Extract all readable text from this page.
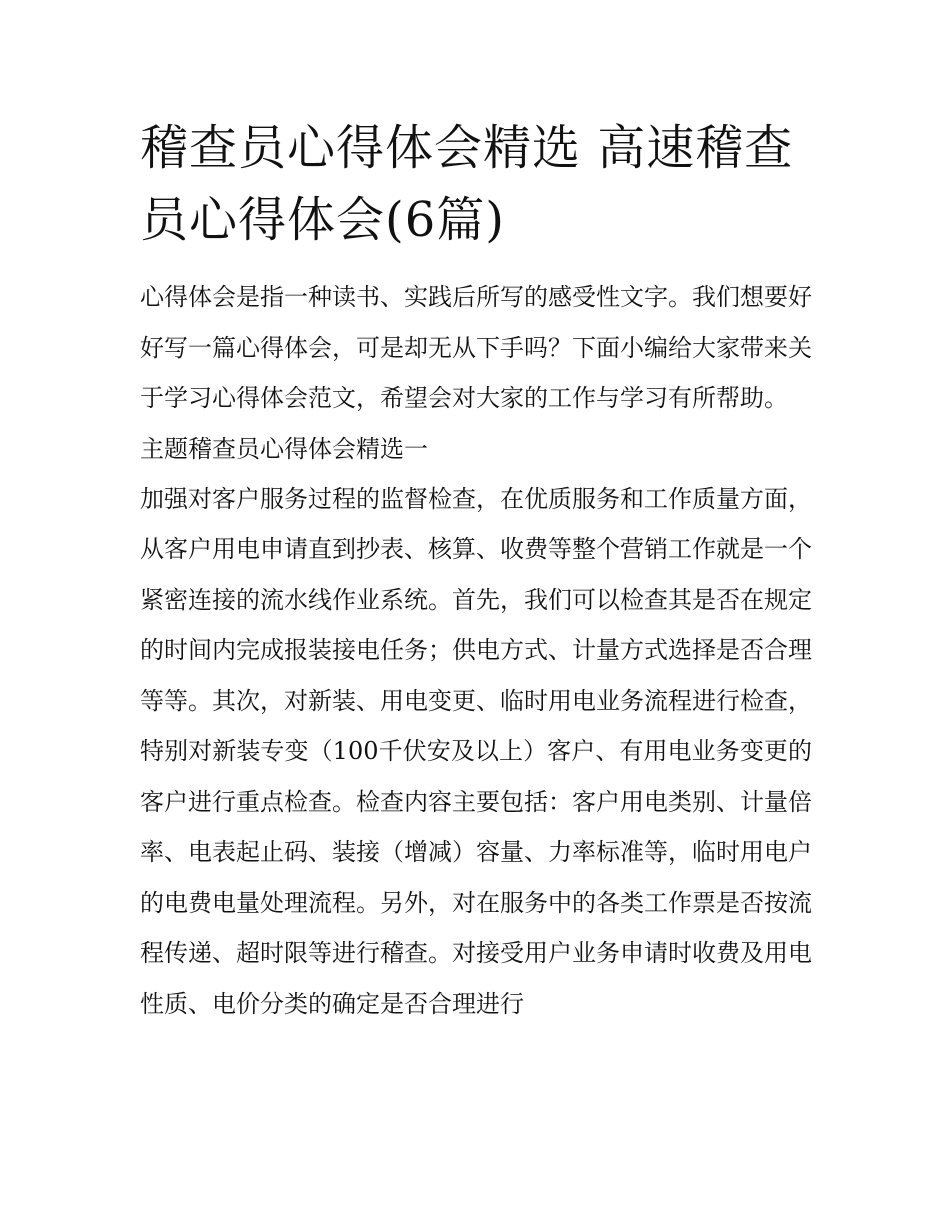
稽查员心得体会精选 高速稽查员心得体会(6篇)

心得体会是指一种读书、实践后所写的感受性文字。我们想要好好写一篇心得体会，可是却无从下手吗？下面小编给大家带来关于学习心得体会范文，希望会对大家的工作与学习有所帮助。

主题稽查员心得体会精选一

加强对客户服务过程的监督检查，在优质服务和工作质量方面，从客户用电申请直到抄表、核算、收费等整个营销工作就是一个紧密连接的流水线作业系统。首先，我们可以检查其是否在规定的时间内完成报装接电任务；供电方式、计量方式选择是否合理等等。其次，对新装、用电变更、临时用电业务流程进行检查，特别对新装专变（100千伏安及以上）客户、有用电业务变更的客户进行重点检查。检查内容主要包括：客户用电类别、计量倍率、电表起止码、装接（增减）容量、力率标准等，临时用电户的电费电量处理流程。另外，对在服务中的各类工作票是否按流程传递、超时限等进行稽查。对接受用户业务申请时收费及用电性质、电价分类的确定是否合理进行
